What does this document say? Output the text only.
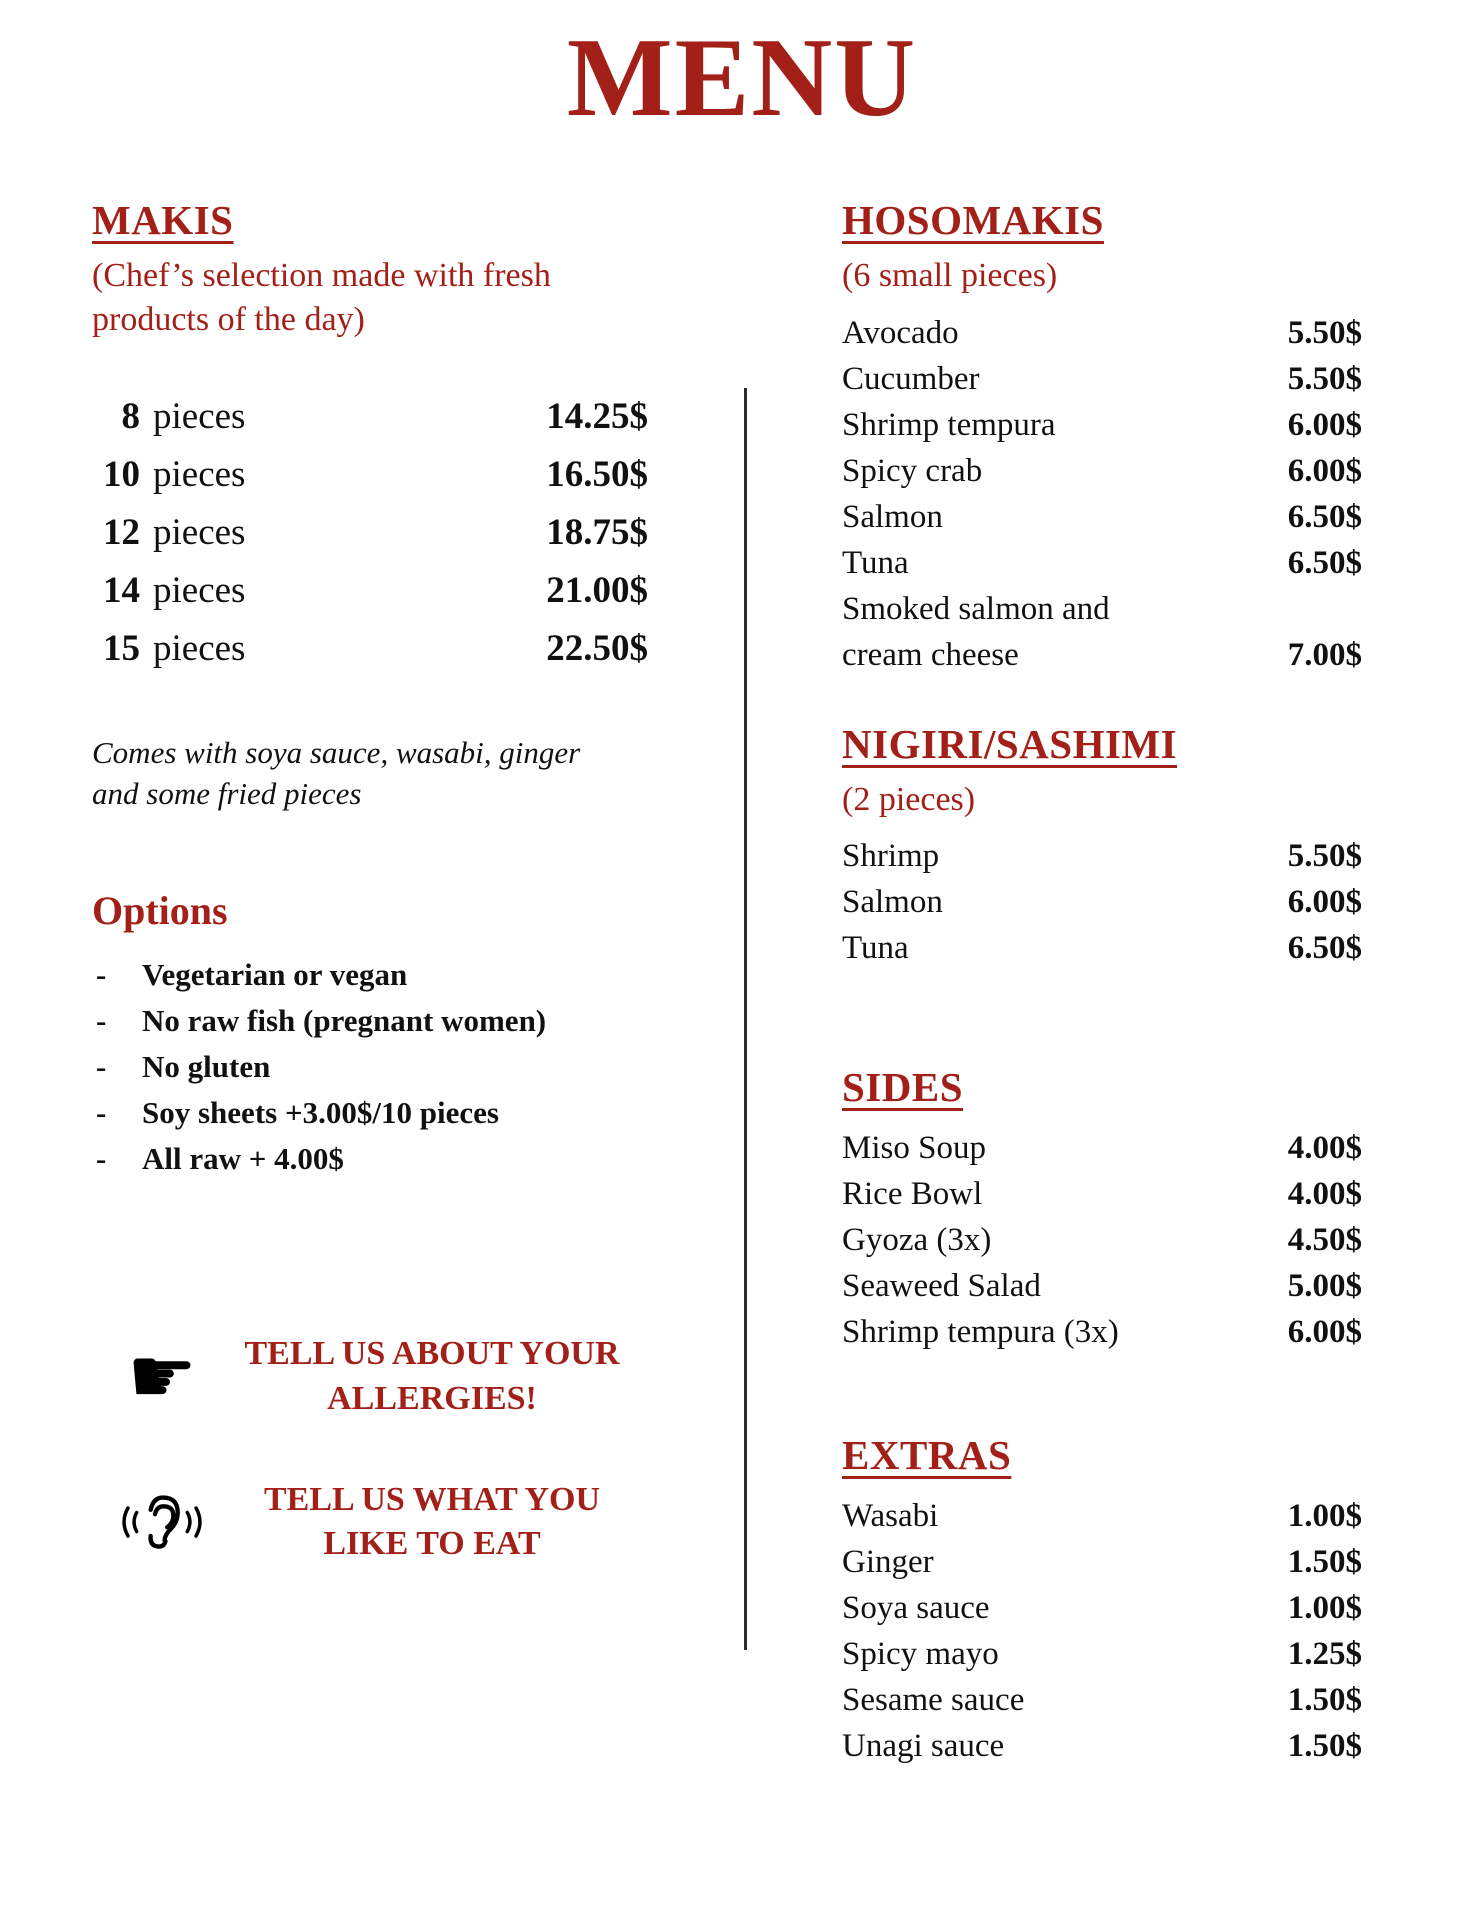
MENU
MAKIS

(Chef’s selection made with fresh products of the day)

8 pieces	14.25$
10 pieces	16.50$
12 pieces	18.75$
14 pieces	21.00$
15 pieces	22.50$

Comes with soya sauce, wasabi, ginger and some fried pieces

Options
- Vegetarian or vegan
- No raw fish (pregnant women)
- No gluten
- Soy sheets +3.00$/10 pieces
- All raw + 4.00$
☛	TELL US ABOUT YOUR ALLERGIES!
TELL US WHAT YOU LIKE TO EAT
HOSOMAKIS

(6 small pieces)

Avocado	5.50$
Cucumber	5.50$
Shrimp tempura	6.00$
Spicy crab	6.00$
Salmon	6.50$
Tuna	6.50$
Smoked salmon and cream cheese	7.00$
NIGIRI/SASHIMI

(2 pieces)

Shrimp	5.50$
Salmon	6.00$
Tuna	6.50$
SIDES
Miso Soup	4.00$
Rice Bowl	4.00$
Gyoza (3x)	4.50$
Seaweed Salad	5.00$
Shrimp tempura (3x)	6.00$
EXTRAS
Wasabi	1.00$
Ginger	1.50$
Soya sauce	1.00$
Spicy mayo	1.25$
Sesame sauce	1.50$
Unagi sauce	1.50$
